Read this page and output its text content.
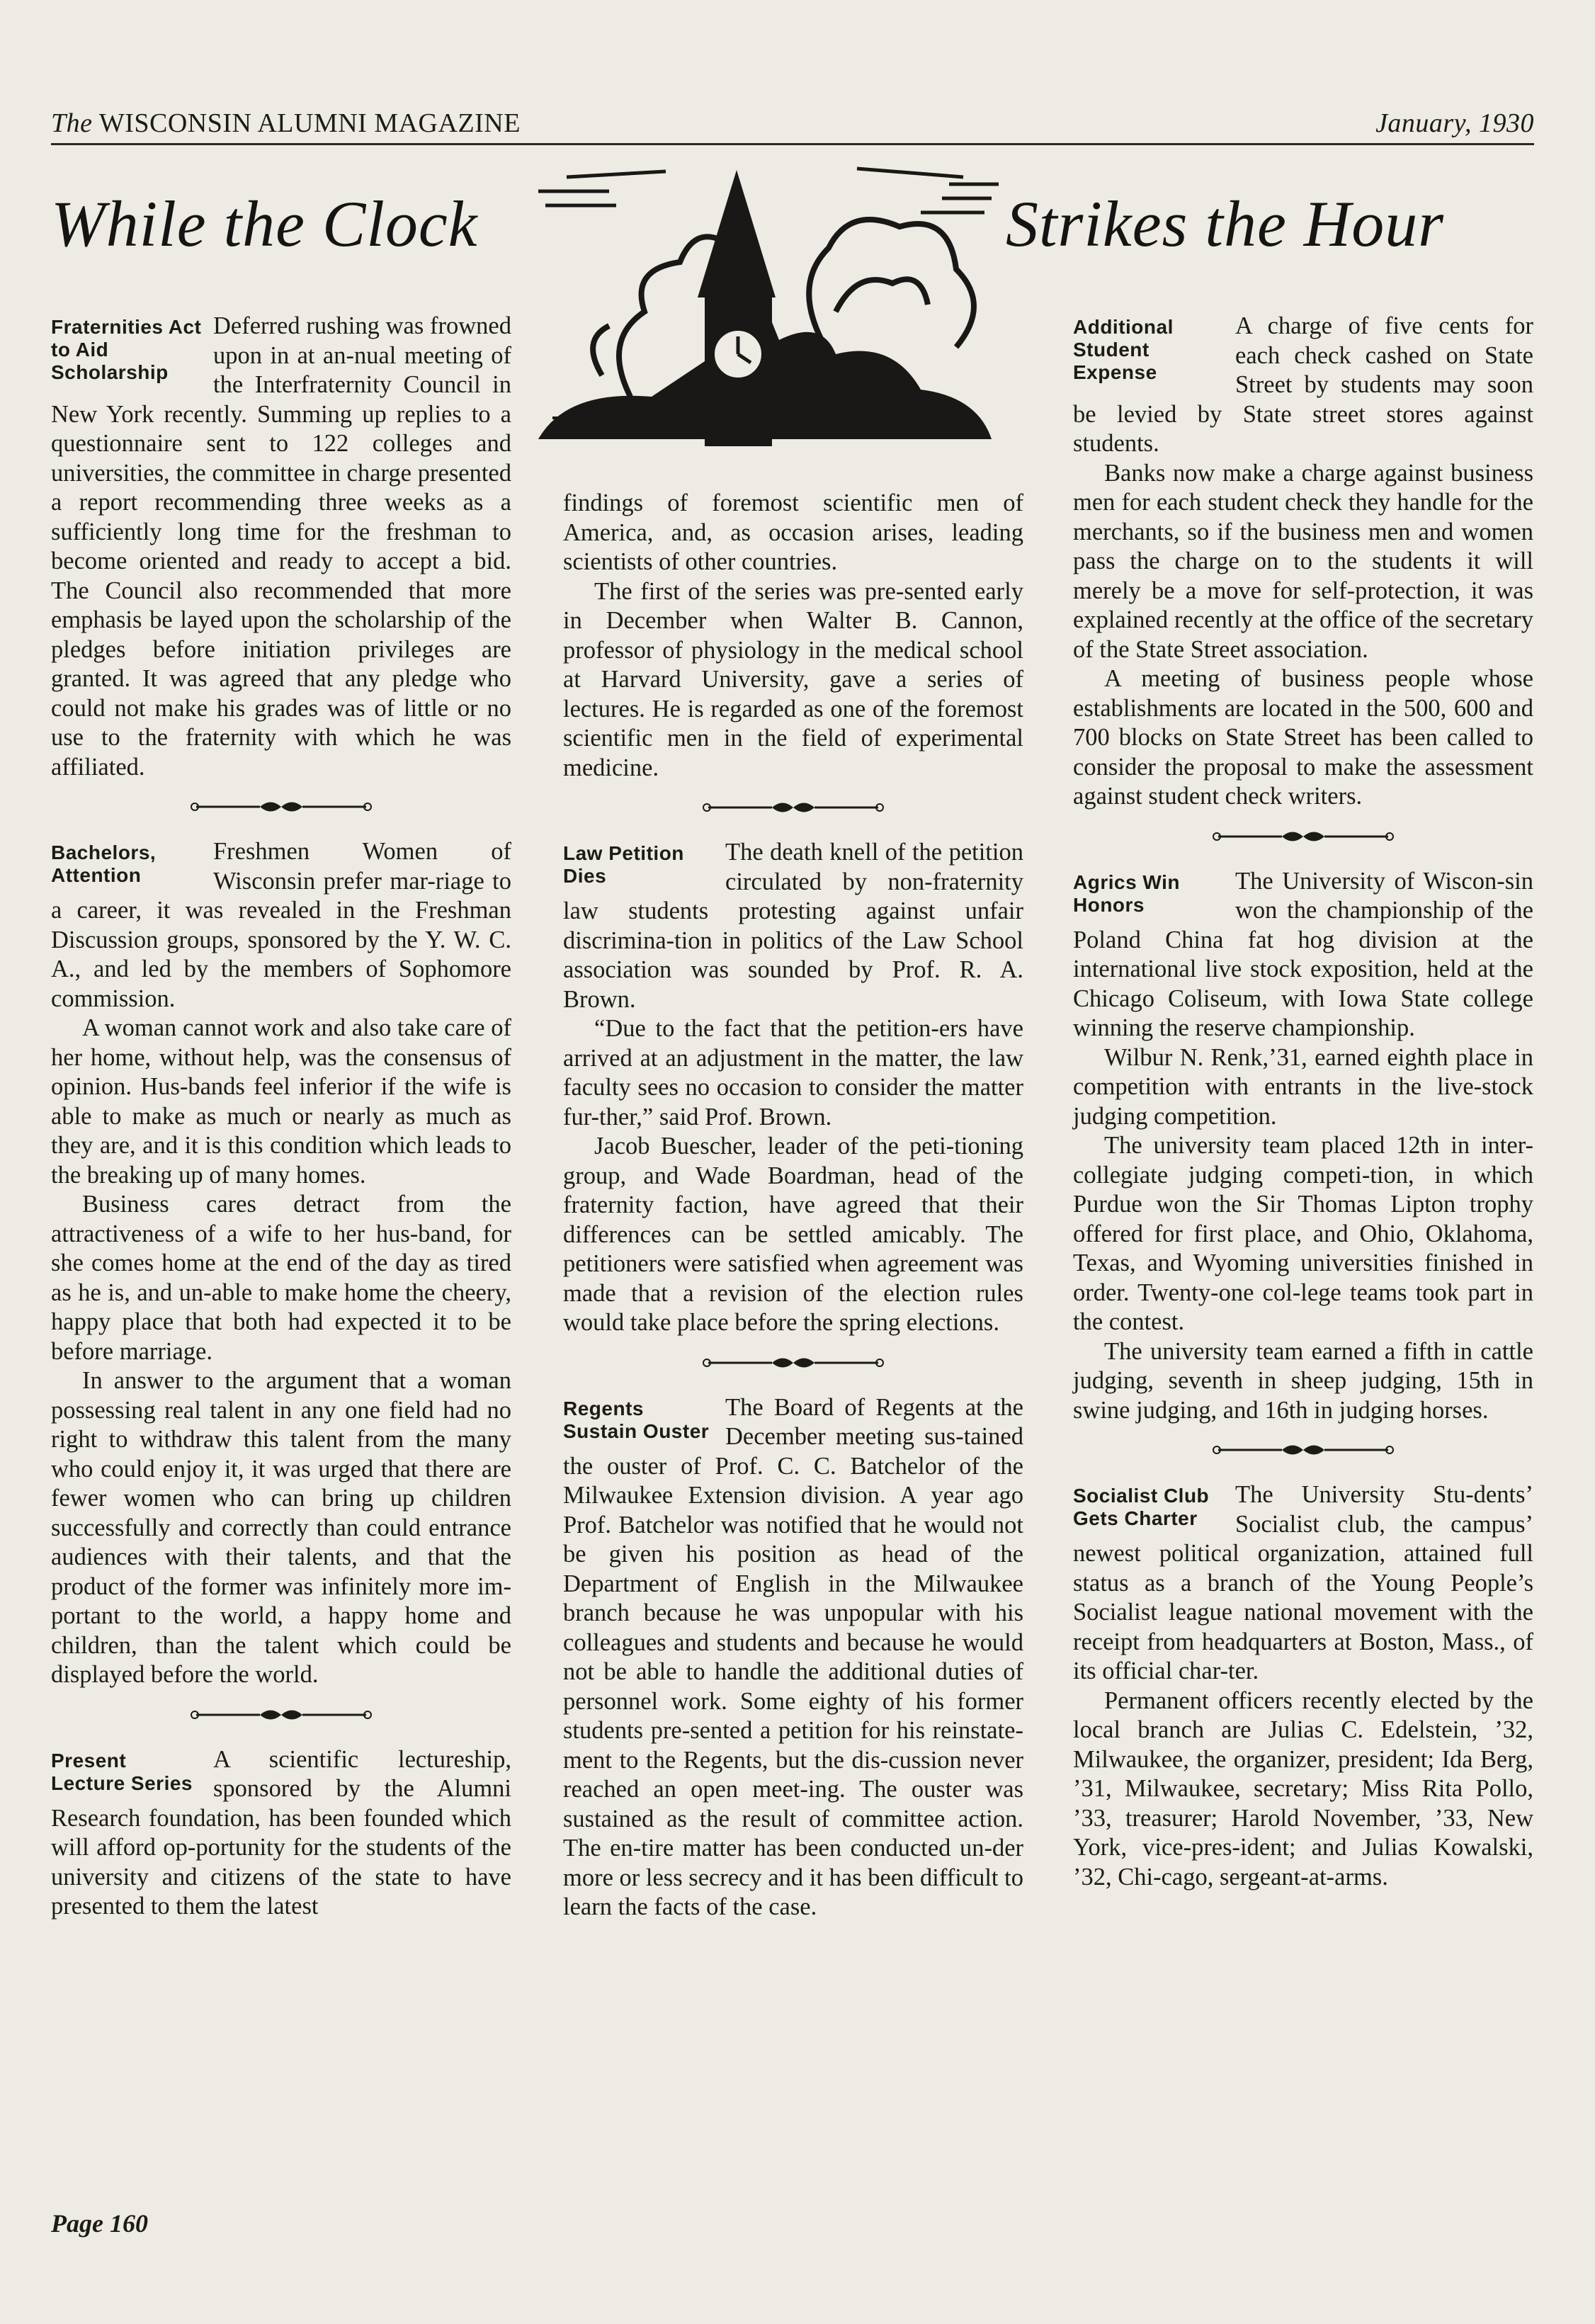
The WISCONSIN ALUMNI MAGAZINE	January, 1930
While the Clock	Strikes the Hour

Fraternities Act to Aid Scholarship
Deferred rushing was frowned upon in at an-nual meeting of the Interfraternity Council in New York recently. Summing up replies to a questionnaire sent to 122 colleges and universities, the committee in charge presented a report recommending three weeks as a sufficiently long time for the freshman to become oriented and ready to accept a bid. The Council also recommended that more emphasis be layed upon the scholarship of the pledges before initiation privileges are granted. It was agreed that any pledge who could not make his grades was of little or no use to the fraternity with which he was affiliated.

Bachelors, Attention
Freshmen Women of Wisconsin prefer mar-riage to a career, it was revealed in the Freshman Discussion groups, sponsored by the Y. W. C. A., and led by the members of Sophomore commission.

A woman cannot work and also take care of her home, without help, was the consensus of opinion. Hus-bands feel inferior if the wife is able to make as much or nearly as much as they are, and it is this condition which leads to the breaking up of many homes.

Business cares detract from the attractiveness of a wife to her hus-band, for she comes home at the end of the day as tired as he is, and un-able to make home the cheery, happy place that both had expected it to be before marriage.

In answer to the argument that a woman possessing real talent in any one field had no right to withdraw this talent from the many who could enjoy it, it was urged that there are fewer women who can bring up children successfully and correctly than could entrance audiences with their talents, and that the product of the former was infinitely more im-portant to the world, a happy home and children, than the talent which could be displayed before the world.

Present Lecture Series
A scientific lectureship, sponsored by the Alumni Research foundation, has been founded which will afford op-portunity for the students of the university and citizens of the state to have presented to them the latest

findings of foremost scientific men of America, and, as occasion arises, leading scientists of other countries.

The first of the series was pre-sented early in December when Walter B. Cannon, professor of physiology in the medical school at Harvard University, gave a series of lectures. He is regarded as one of the foremost scientific men in the field of experimental medicine.

Law Petition Dies
The death knell of the petition circulated by non-fraternity law students protesting against unfair discrimina-tion in politics of the Law School association was sounded by Prof. R. A. Brown.

“Due to the fact that the petition-ers have arrived at an adjustment in the matter, the law faculty sees no occasion to consider the matter fur-ther,” said Prof. Brown.

Jacob Buescher, leader of the peti-tioning group, and Wade Boardman, head of the fraternity faction, have agreed that their differences can be settled amicably. The petitioners were satisfied when agreement was made that a revision of the election rules would take place before the spring elections.

Regents Sustain Ouster
The Board of Regents at the December meeting sus-tained the ouster of Prof. C. C. Batchelor of the Milwaukee Extension division. A year ago Prof. Batchelor was notified that he would not be given his position as head of the Department of English in the Milwaukee branch because he was unpopular with his colleagues and students and because he would not be able to handle the additional duties of personnel work. Some eighty of his former students pre-sented a petition for his reinstate-ment to the Regents, but the dis-cussion never reached an open meet-ing. The ouster was sustained as the result of committee action. The en-tire matter has been conducted un-der more or less secrecy and it has been difficult to learn the facts of the case.

Additional Student Expense
A charge of five cents for each check cashed on State Street by students may soon be levied by State street stores against students.

Banks now make a charge against business men for each student check they handle for the merchants, so if the business men and women pass the charge on to the students it will merely be a move for self-protection, it was explained recently at the office of the secretary of the State Street association.

A meeting of business people whose establishments are located in the 500, 600 and 700 blocks on State Street has been called to consider the proposal to make the assessment against student check writers.

Agrics Win Honors
The University of Wiscon-sin won the championship of the Poland China fat hog division at the international live stock exposition, held at the Chicago Coliseum, with Iowa State college winning the reserve championship.

Wilbur N. Renk,’31, earned eighth place in competition with entrants in the live-stock judging competition.

The university team placed 12th in inter-collegiate judging competi-tion, in which Purdue won the Sir Thomas Lipton trophy offered for first place, and Ohio, Oklahoma, Texas, and Wyoming universities finished in order. Twenty-one col-lege teams took part in the contest.

The university team earned a fifth in cattle judging, seventh in sheep judging, 15th in swine judging, and 16th in judging horses.

Socialist Club Gets Charter
The University Stu-dents’ Socialist club, the campus’ newest political organization, attained full status as a branch of the Young People’s Socialist league national movement with the receipt from headquarters at Boston, Mass., of its official char-ter.

Permanent officers recently elected by the local branch are Julias C. Edelstein, ’32, Milwaukee, the organizer, president; Ida Berg, ’31, Milwaukee, secretary; Miss Rita Pollo, ’33, treasurer; Harold November, ’33, New York, vice-pres-ident; and Julias Kowalski, ’32, Chi-cago, sergeant-at-arms.

Page 160
